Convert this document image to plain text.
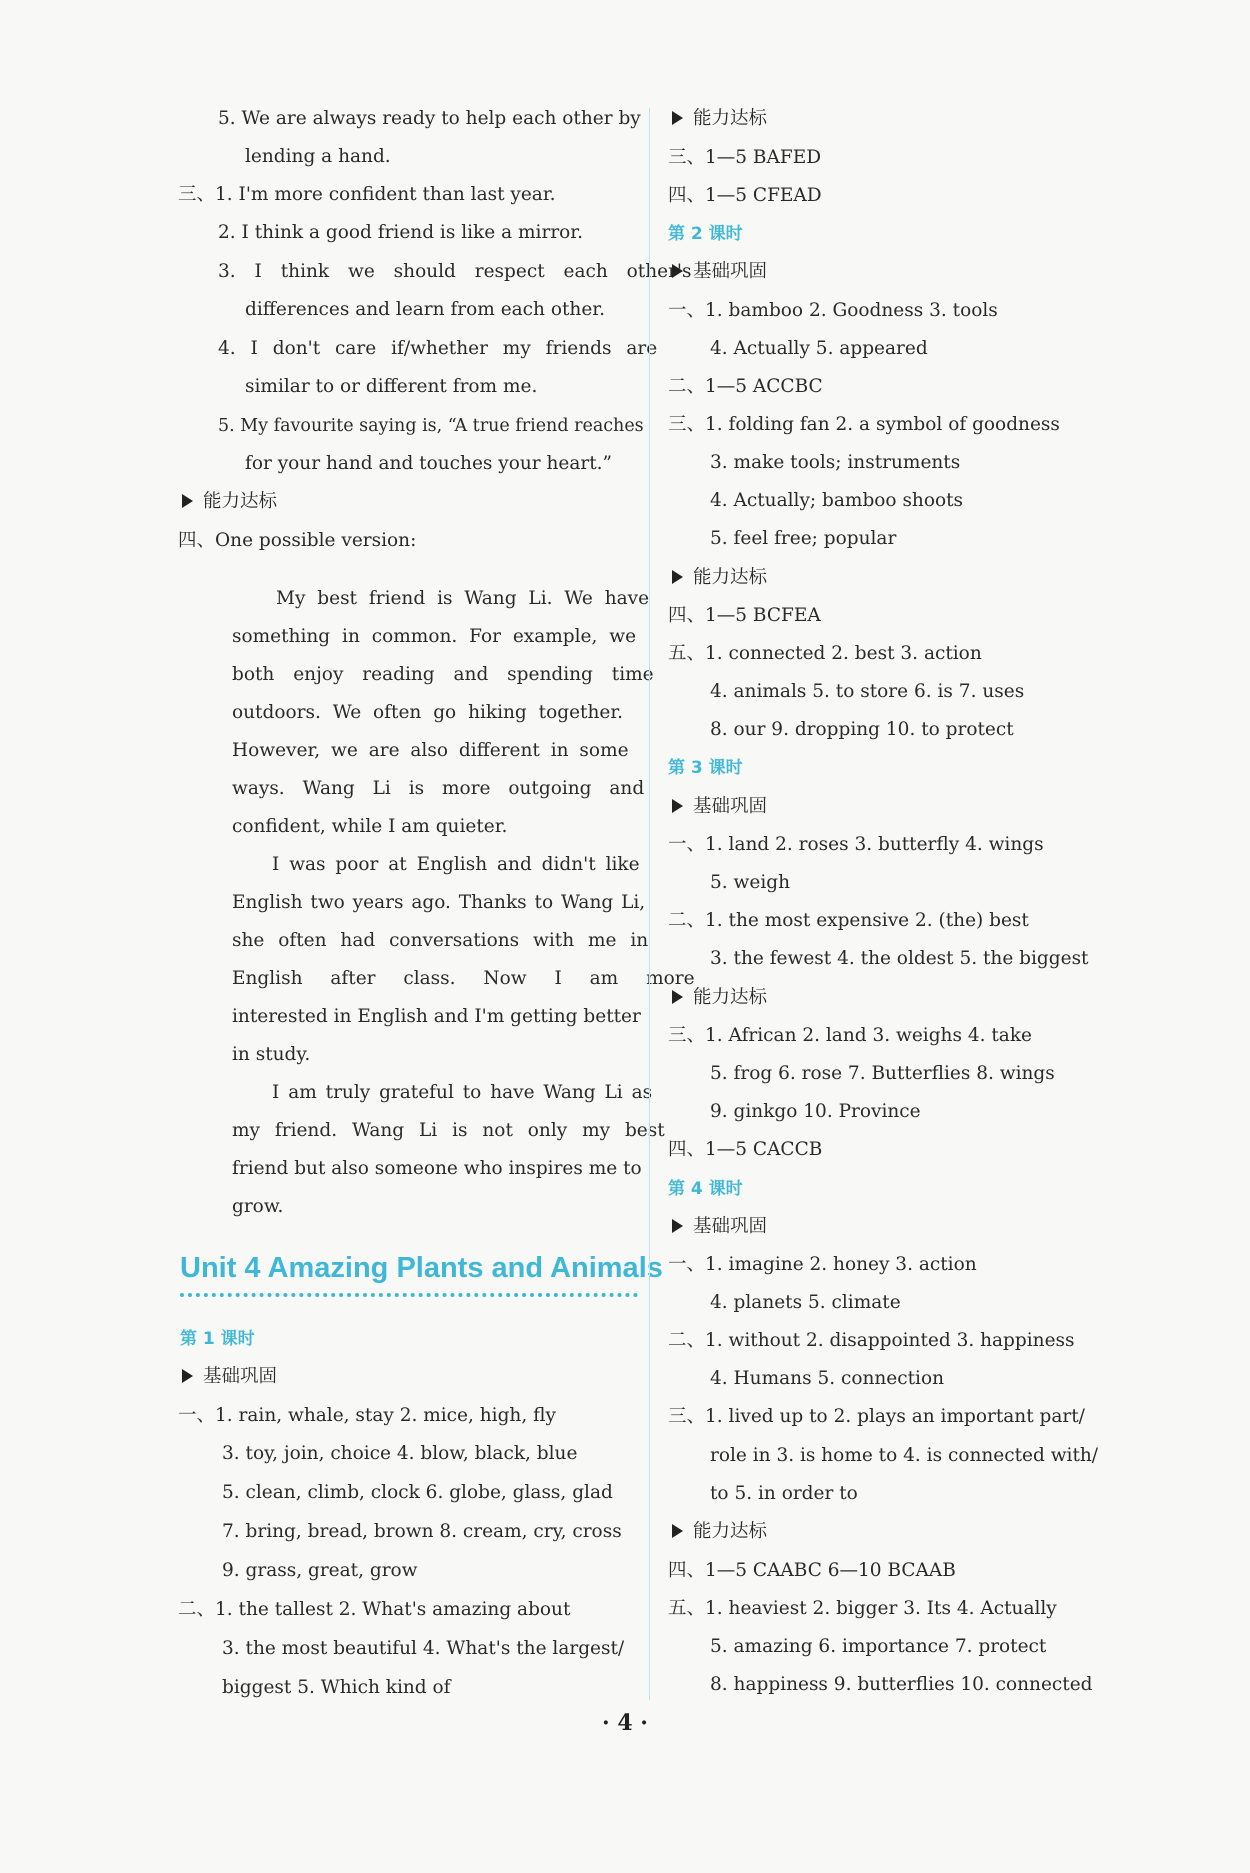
5. We are always ready to help each other by
lending a hand.
三、1. I'm more confident than last year.
2. I think a good friend is like a mirror.
3. I think we should respect each other's
differences and learn from each other.
4. I don't care if/whether my friends are
similar to or different from me.
5. My favourite saying is, “A true friend reaches
for your hand and touches your heart.”
能力达标
四、One possible version:
My best friend is Wang Li. We have
something in common. For example, we
both enjoy reading and spending time
outdoors. We often go hiking together.
However, we are also different in some
ways. Wang Li is more outgoing and
confident, while I am quieter.
I was poor at English and didn't like
English two years ago. Thanks to Wang Li,
she often had conversations with me in
English after class. Now I am more
interested in English and I'm getting better
in study.
I am truly grateful to have Wang Li as
my friend. Wang Li is not only my best
friend but also someone who inspires me to
grow.
Unit 4 Amazing Plants and Animals
第 1 课时
基础巩固
一、1. rain, whale, stay 2. mice, high, fly
3. toy, join, choice 4. blow, black, blue
5. clean, climb, clock 6. globe, glass, glad
7. bring, bread, brown 8. cream, cry, cross
9. grass, great, grow
二、1. the tallest 2. What's amazing about
3. the most beautiful 4. What's the largest/
biggest 5. Which kind of
能力达标
三、1—5 BAFED
四、1—5 CFEAD
第 2 课时
基础巩固
一、1. bamboo 2. Goodness 3. tools
4. Actually 5. appeared
二、1—5 ACCBC
三、1. folding fan 2. a symbol of goodness
3. make tools; instruments
4. Actually; bamboo shoots
5. feel free; popular
能力达标
四、1—5 BCFEA
五、1. connected 2. best 3. action
4. animals 5. to store 6. is 7. uses
8. our 9. dropping 10. to protect
第 3 课时
基础巩固
一、1. land 2. roses 3. butterfly 4. wings
5. weigh
二、1. the most expensive 2. (the) best
3. the fewest 4. the oldest 5. the biggest
能力达标
三、1. African 2. land 3. weighs 4. take
5. frog 6. rose 7. Butterflies 8. wings
9. ginkgo 10. Province
四、1—5 CACCB
第 4 课时
基础巩固
一、1. imagine 2. honey 3. action
4. planets 5. climate
二、1. without 2. disappointed 3. happiness
4. Humans 5. connection
三、1. lived up to 2. plays an important part/
role in 3. is home to 4. is connected with/
to 5. in order to
能力达标
四、1—5 CAABC 6—10 BCAAB
五、1. heaviest 2. bigger 3. Its 4. Actually
5. amazing 6. importance 7. protect
8. happiness 9. butterflies 10. connected
· 4 ·
